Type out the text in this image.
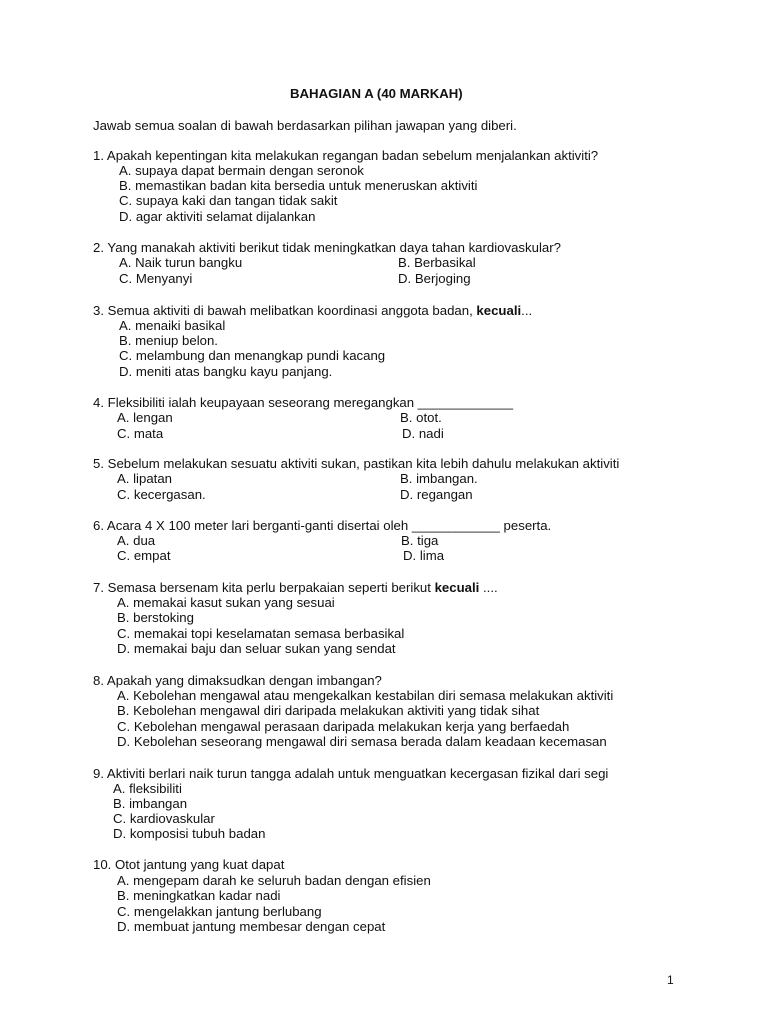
BAHAGIAN A (40 MARKAH)
Jawab semua soalan di bawah berdasarkan pilihan jawapan yang diberi.
1. Apakah kepentingan kita melakukan regangan badan sebelum menjalankan aktiviti?
A. supaya dapat bermain dengan seronok
B. memastikan badan kita bersedia untuk meneruskan aktiviti
C. supaya kaki dan tangan tidak sakit
D. agar aktiviti selamat dijalankan
2. Yang manakah aktiviti berikut tidak meningkatkan daya tahan kardiovaskular?
A. Naik turun bangku	B. Berbasikal
C. Menyanyi	D. Berjoging
3. Semua aktiviti di bawah melibatkan koordinasi anggota badan, kecuali...
A. menaiki basikal
B. meniup belon.
C. melambung dan menangkap pundi kacang
D. meniti atas bangku kayu panjang.
4. Fleksibiliti ialah keupayaan seseorang meregangkan _____________
A. lengan	B. otot.
C. mata	D. nadi
5. Sebelum melakukan sesuatu aktiviti sukan, pastikan kita lebih dahulu melakukan aktiviti
A. lipatan	B. imbangan.
C. kecergasan.	D. regangan
6. Acara 4 X 100 meter lari berganti-ganti disertai oleh ____________ peserta.
A. dua	B. tiga
C. empat	D. lima
7. Semasa bersenam kita perlu berpakaian seperti berikut kecuali ....
A. memakai kasut sukan yang sesuai
B. berstoking
C. memakai topi keselamatan semasa berbasikal
D. memakai baju dan seluar sukan yang sendat
8. Apakah yang dimaksudkan dengan imbangan?
A. Kebolehan mengawal atau mengekalkan kestabilan diri semasa melakukan aktiviti
B. Kebolehan mengawal diri daripada melakukan aktiviti yang tidak sihat
C. Kebolehan mengawal perasaan daripada melakukan kerja yang berfaedah
D. Kebolehan seseorang mengawal diri semasa berada dalam keadaan kecemasan
9. Aktiviti berlari naik turun tangga adalah untuk menguatkan kecergasan fizikal dari segi
A. fleksibiliti
B. imbangan
C. kardiovaskular
D. komposisi tubuh badan
10. Otot jantung yang kuat dapat
A. mengepam darah ke seluruh badan dengan efisien
B. meningkatkan kadar nadi
C. mengelakkan jantung berlubang
D. membuat jantung membesar dengan cepat
1
